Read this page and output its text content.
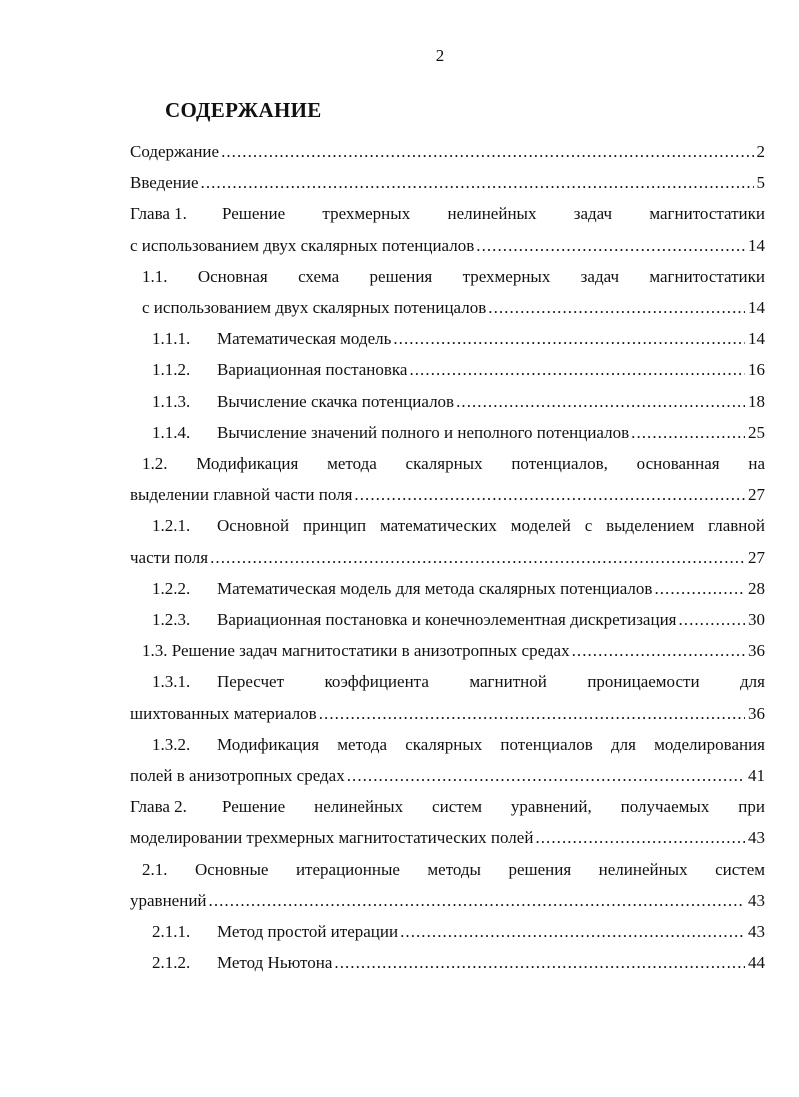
2
СОДЕРЖАНИЕ
Содержание . . .	2
Введение . . .	5
Глава 1.	Решение трехмерных нелинейных задач магнитостатики
с использованием двух скалярных потенциалов . . .	14
1.1. Основная схема решения трехмерных задач магнитостатики
с использованием двух скалярных потеницалов . . .	14
1.1.1.	Математическая модель . . .	14
1.1.2.	Вариационная постановка . . .	16
1.1.3.	Вычисление скачка потенциалов . . .	18
1.1.4.	Вычисление значений полного и неполного потенциалов . . .	25
1.2. Модификация метода скалярных потенциалов, основанная на
выделении главной части поля . . .	27
1.2.1.	Основной принцип математических моделей с выделением главной
части поля . . .	27
1.2.2.	Математическая модель для метода скалярных потенциалов . . .	28
1.2.3.	Вариационная постановка и конечноэлементная дискретизация . . .	30
1.3. Решение задач магнитостатики в анизотропных средах . . .	36
1.3.1.	Пересчет коэффициента магнитной проницаемости для
шихтованных материалов . . .	36
1.3.2.	Модификация метода скалярных потенциалов для моделирования
полей в анизотропных средах . . .	41
Глава 2.	Решение нелинейных систем уравнений, получаемых при
моделировании трехмерных магнитостатических полей . . .	43
2.1. Основные итерационные методы решения нелинейных систем
уравнений . . .	43
2.1.1.	Метод простой итерации . . .	43
2.1.2.	Метод Ньютона . . .	44
